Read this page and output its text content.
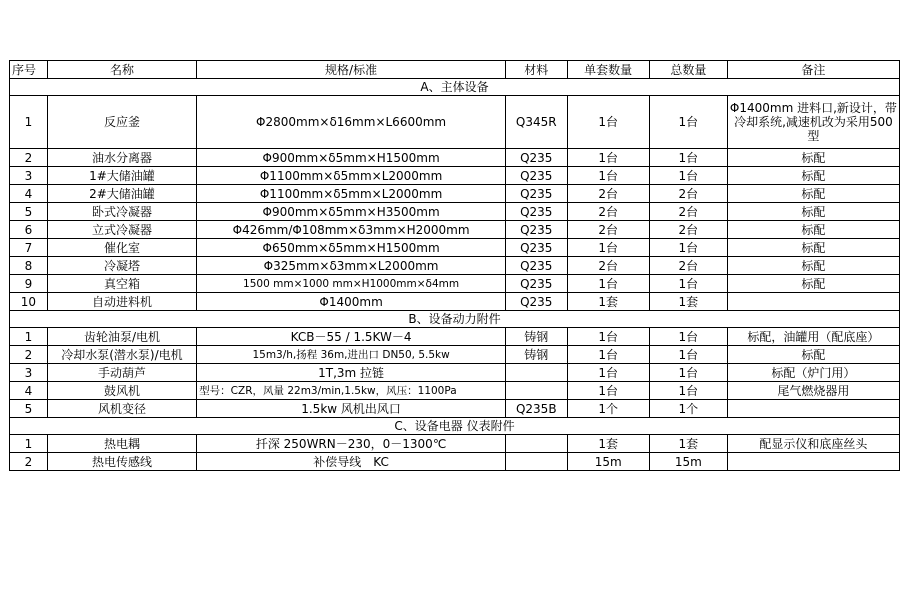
序号	名称	规格/标准	材料	单套数量	总数量	备注
A、主体设备						
1	反应釜	Φ2800mm×δ16mm×L6600mm	Q345R	1台	1台	Φ1400mm 进料口,新设计，带冷却系统,减速机改为采用500 型
2	油水分离器	Φ900mm×δ5mm×H1500mm	Q235	1台	1台	标配
3	1#大储油罐	Φ1100mm×δ5mm×L2000mm	Q235	1台	1台	标配
4	2#大储油罐	Φ1100mm×δ5mm×L2000mm	Q235	2台	2台	标配
5	卧式冷凝器	Φ900mm×δ5mm×H3500mm	Q235	2台	2台	标配
6	立式冷凝器	Φ426mm/Φ108mm×δ3mm×H2000mm	Q235	2台	2台	标配
7	催化室	Φ650mm×δ5mm×H1500mm	Q235	1台	1台	标配
8	冷凝塔	Φ325mm×δ3mm×L2000mm	Q235	2台	2台	标配
9	真空箱	1500 mm×1000 mm×H1000mm×δ4mm	Q235	1台	1台	标配
10	自动进料机	Φ1400mm	Q235	1套	1套	
B、设备动力附件						
1	齿轮油泵/电机	KCB－55 / 1.5KW－4	铸钢	1台	1台	标配，油罐用（配底座）
2	冷却水泵(潜水泵)/电机	15m3/h,扬程 36m,进出口 DN50, 5.5kw	铸钢	1台	1台	标配
3	手动葫芦	1T,3m 拉链		1台	1台	标配（炉门用）
4	鼓风机	型号：CZR，风量 22m3/min,1.5kw，风压：1100Pa		1台	1台	尾气燃烧器用
5	风机变径	1.5kw 风机出风口	Q235B	1个	1个	
C、设备电器 仪表附件						
1	热电耦	扦深 250WRN－230，0－1300℃		1套	1套	配显示仪和底座丝头
2	热电传感线	补偿导线　KC		15m	15m	
